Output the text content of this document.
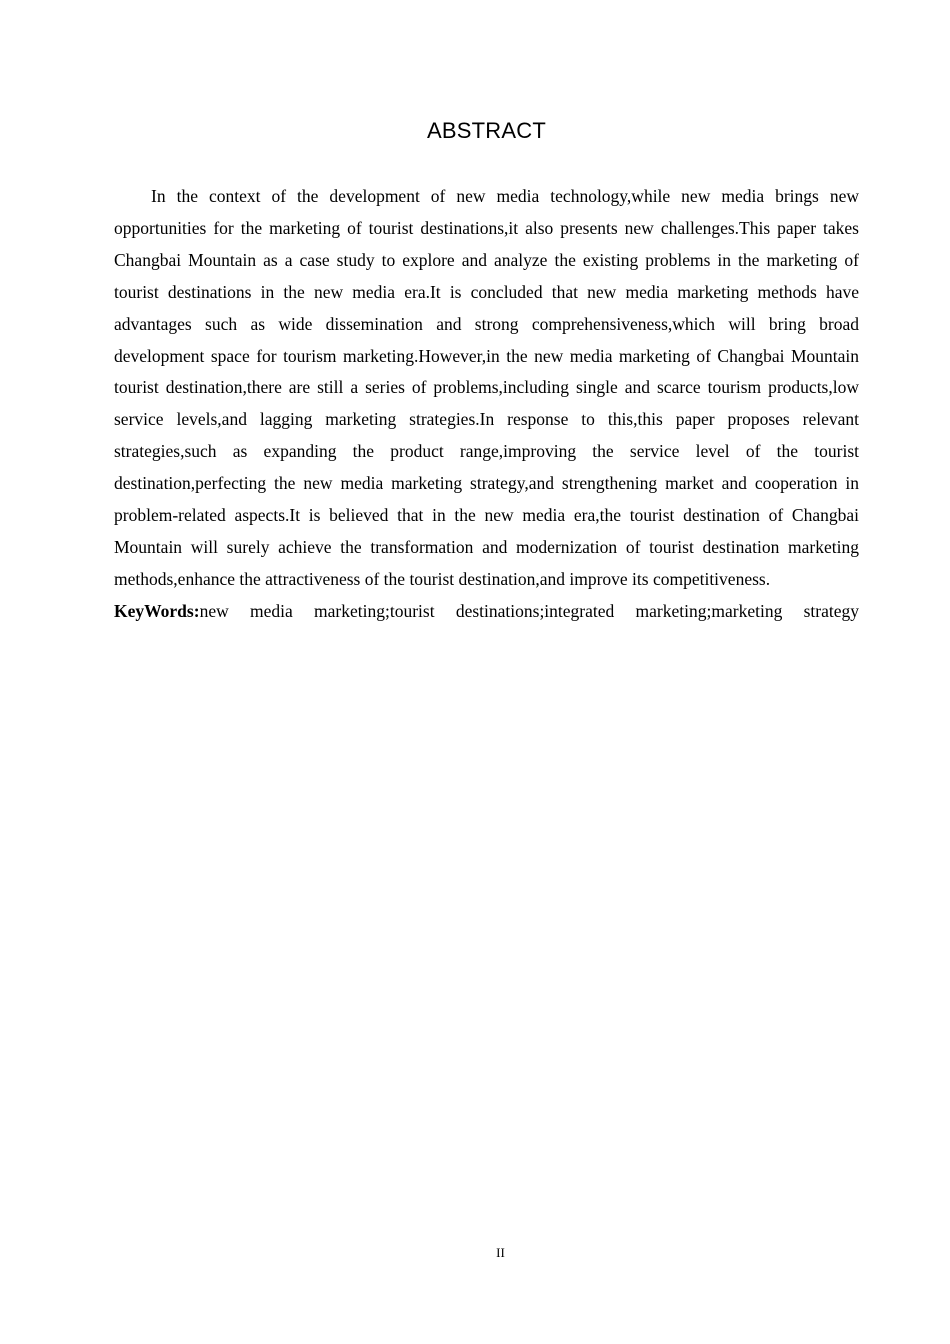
ABSTRACT

In the context of the development of new media technology,while new media brings new opportunities for the marketing of tourist destinations,it also presents new challenges.This paper takes Changbai Mountain as a case study to explore and analyze the existing problems in the marketing of tourist destinations in the new media era.It is concluded that new media marketing methods have advantages such as wide dissemination and strong comprehensiveness,which will bring broad development space for tourism marketing.However,in the new media marketing of Changbai Mountain tourist destination,there are still a series of problems,including single and scarce tourism products,low service levels,and lagging marketing strategies.In response to this,this paper proposes relevant strategies,such as expanding the product range,improving the service level of the tourist destination,perfecting the new media marketing strategy,and strengthening market and cooperation in problem-related aspects.It is believed that in the new media era,the tourist destination of Changbai Mountain will surely achieve the transformation and modernization of tourist destination marketing methods,enhance the attractiveness of the tourist destination,and improve its competitiveness.

KeyWords:new media marketing;tourist destinations;integrated marketing;marketing strategy

II
